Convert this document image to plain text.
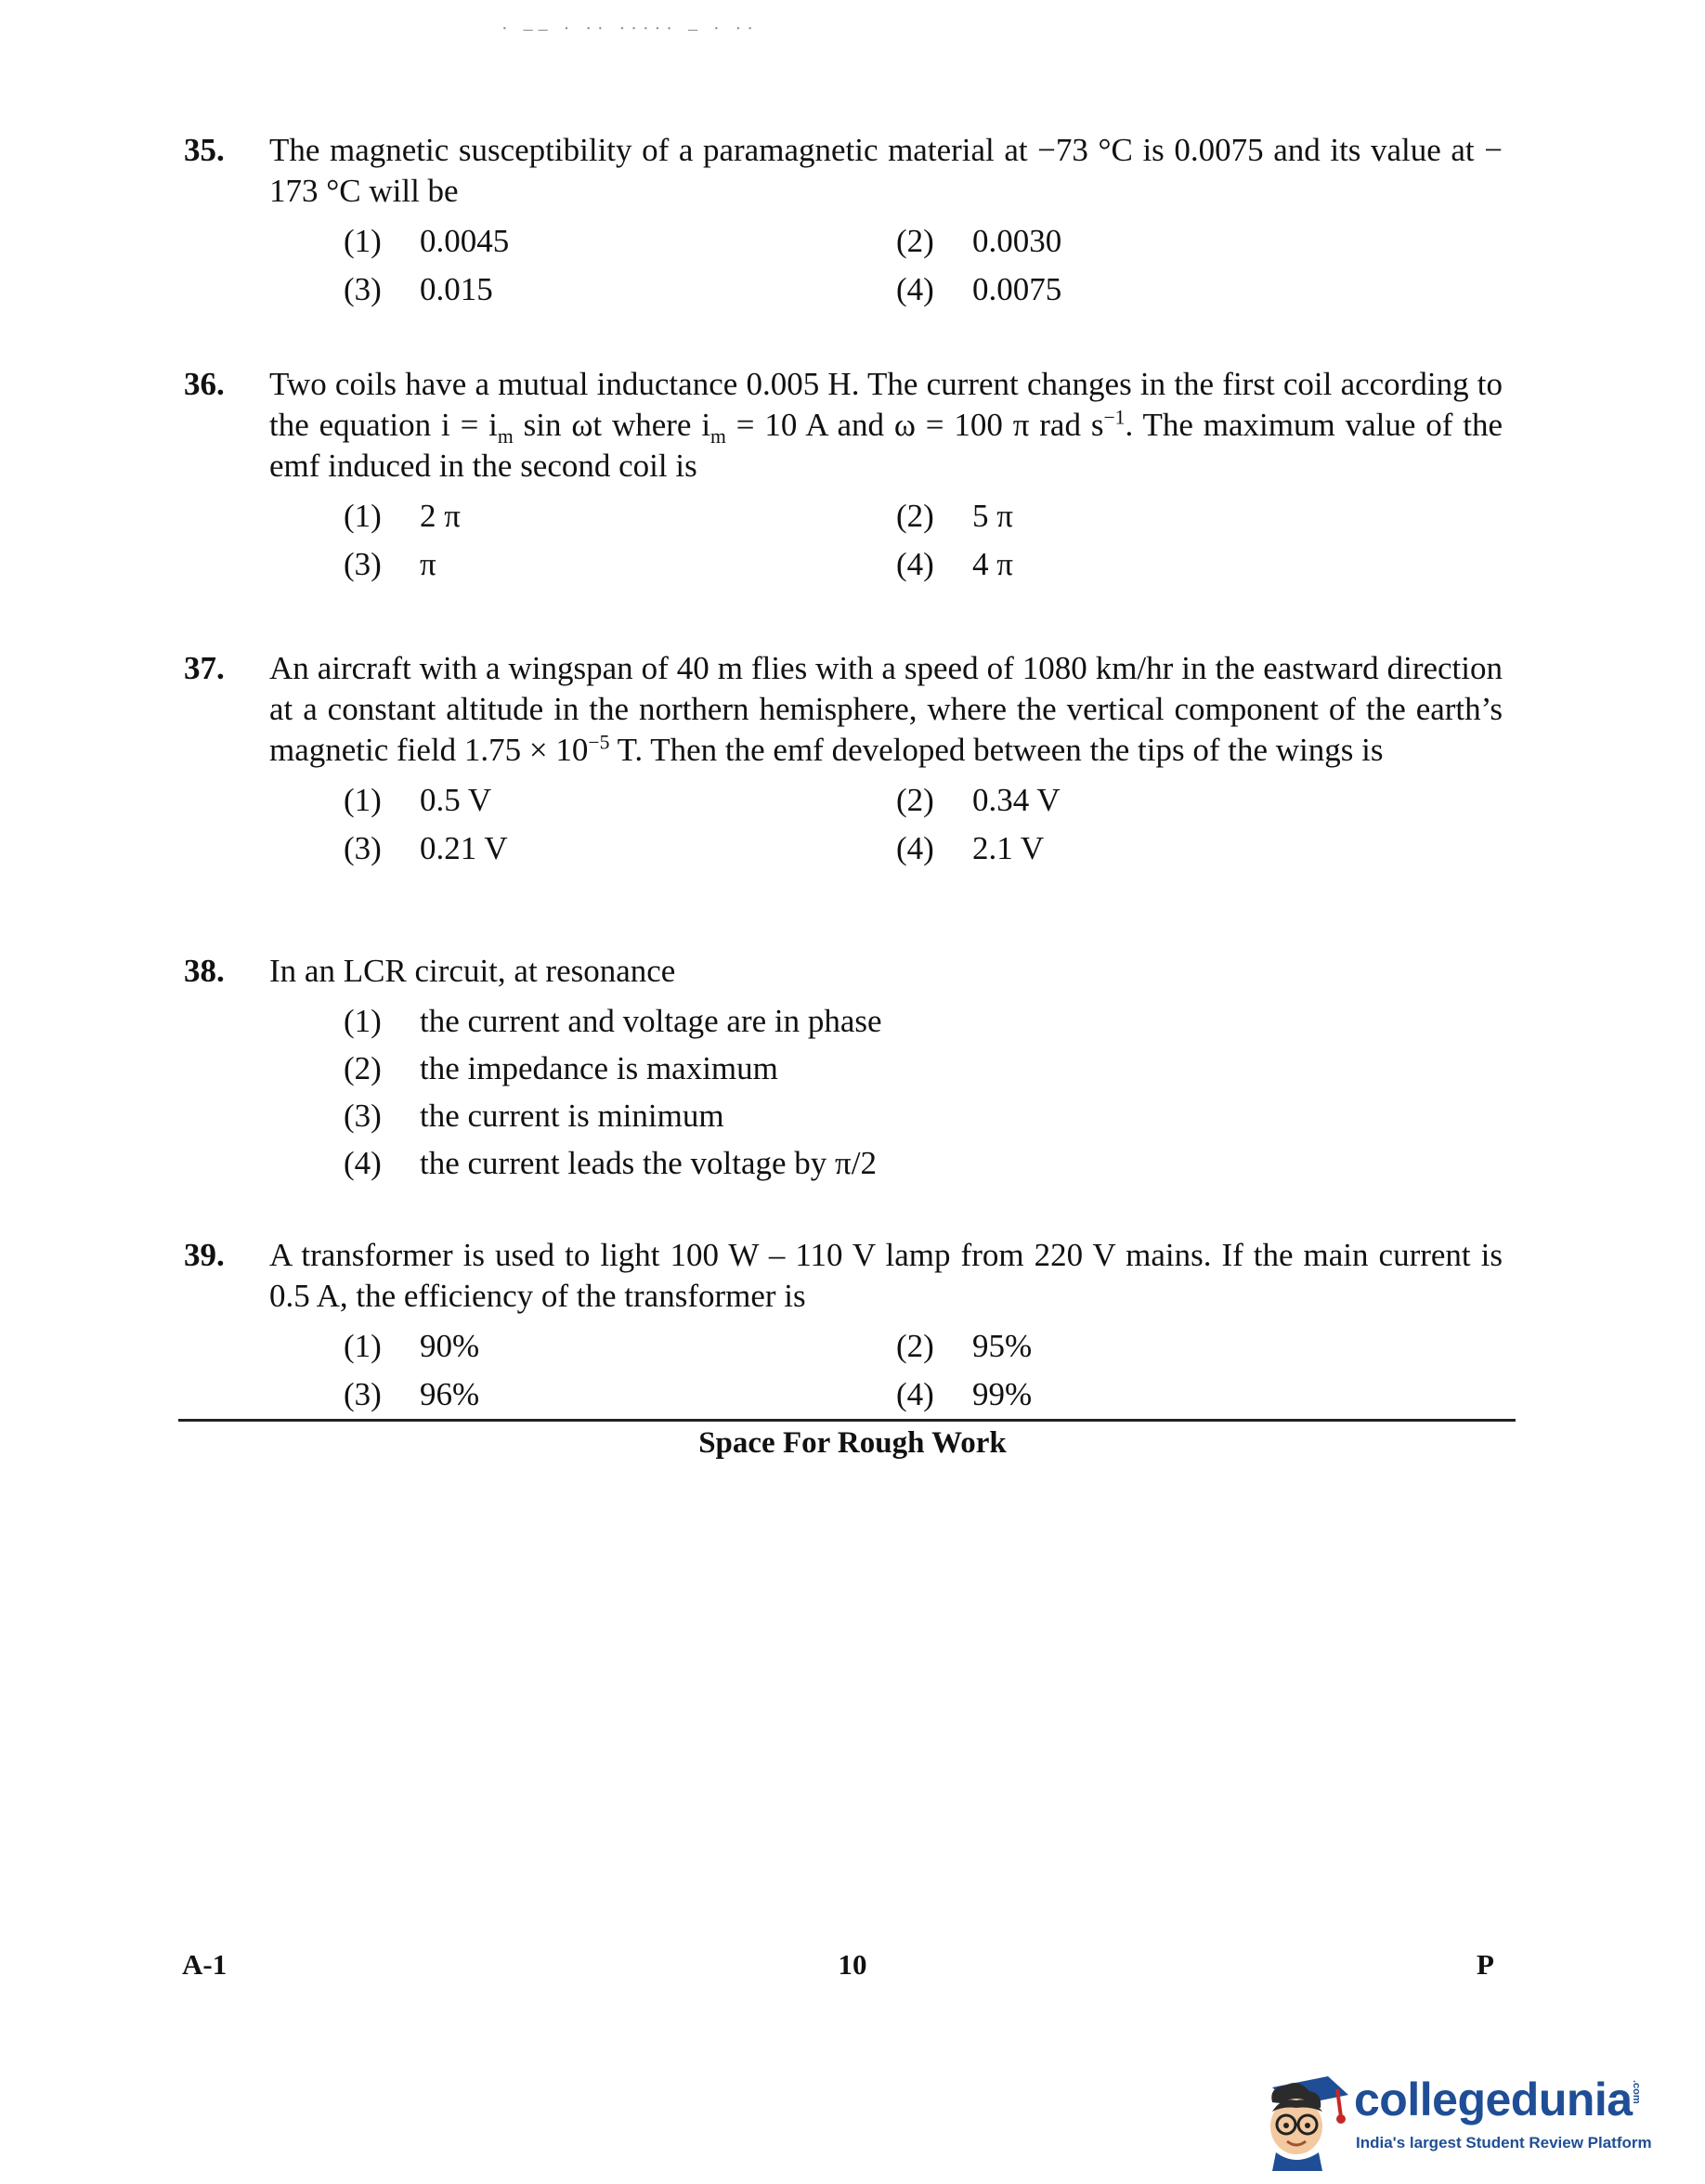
· ‒‒ · ·· ····· ‒ · ··
35. The magnetic susceptibility of a paramagnetic material at −73 °C is 0.0075 and its value at − 173 °C will be
(1)	0.0045	(2)	0.0030
(3)	0.015	(4)	0.0075
36. Two coils have a mutual inductance 0.005 H. The current changes in the first coil according to the equation $i = i_m$ sin ωt where $i_m = 10$ A and ω = 100 π rad $s^{-1}$. The maximum value of the emf induced in the second coil is
(1)	2 π	(2)	5 π
(3)	π	(4)	4 π
37. An aircraft with a wingspan of 40 m flies with a speed of 1080 km/hr in the eastward direction at a constant altitude in the northern hemisphere, where the vertical component of the earth’s magnetic field $1.75 \times 10^{-5}$ T. Then the emf developed between the tips of the wings is
(1)	0.5 V	(2)	0.34 V
(3)	0.21 V	(4)	2.1 V
38. In an LCR circuit, at resonance
(1)	the current and voltage are in phase
(2)	the impedance is maximum
(3)	the current is minimum
(4)	the current leads the voltage by π/2
39. A transformer is used to light 100 W – 110 V lamp from 220 V mains. If the main current is 0.5 A, the efficiency of the transformer is
(1)	90%	(2)	95%
(3)	96%	(4)	99%
Space For Rough Work
A-1	10	P
collegedunia
.com
India's largest Student Review Platform
